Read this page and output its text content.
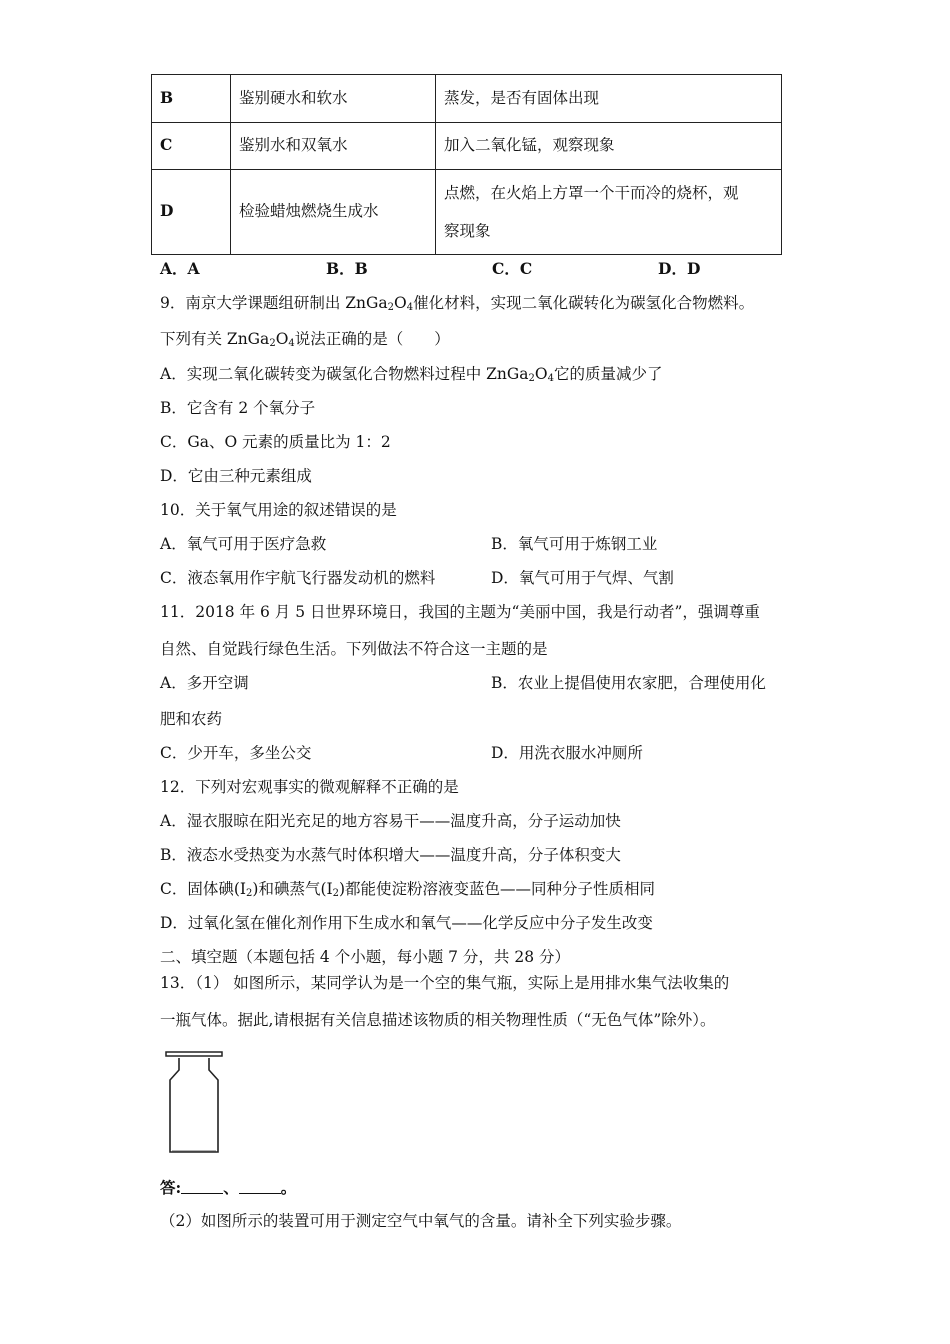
B	鉴别硬水和软水	蒸发，是否有固体出现
C	鉴别水和双氧水	加入二氧化锰，观察现象
D	检验蜡烛燃烧生成水	点燃，在火焰上方罩一个干而冷的烧杯，观
察现象
A．A	B．B	C．C	D．D
9．南京大学课题组研制出 $ZnGa_2O_4$催化材料，实现二氧化碳转化为碳氢化合物燃料。
下列有关 $ZnGa_2O_4$说法正确的是（　　）
A．实现二氧化碳转变为碳氢化合物燃料过程中 $ZnGa_2O_4$它的质量减少了
B．它含有 2 个氧分子
C．Ga、O 元素的质量比为 1：2
D．它由三种元素组成
10．关于氧气用途的叙述错误的是
A．氧气可用于医疗急救	B．氧气可用于炼钢工业
C．液态氧用作宇航飞行器发动机的燃料	D．氧气可用于气焊、气割
11．2018 年 6 月 5 日世界环境日，我国的主题为“美丽中国，我是行动者”，强调尊重
自然、自觉践行绿色生活。下列做法不符合这一主题的是
A．多开空调	B．农业上提倡使用农家肥，合理使用化
肥和农药
C．少开车，多坐公交	D．用洗衣服水冲厕所
12．下列对宏观事实的微观解释不正确的是
A．湿衣服晾在阳光充足的地方容易干——温度升高，分子运动加快
B．液态水受热变为水蒸气时体积增大——温度升高，分子体积变大
C．固体碘$(I_2)$和碘蒸气$(I_2)$都能使淀粉溶液变蓝色——同种分子性质相同
D．过氧化氢在催化剂作用下生成水和氧气——化学反应中分子发生改变
二、填空题（本题包括 4 个小题，每小题 7 分，共 28 分）
13．（1） 如图所示，某同学认为是一个空的集气瓶，实际上是用排水集气法收集的
一瓶气体。据此,请根据有关信息描述该物质的相关物理性质（“无色气体”除外）。
答:	、	。
（2）如图所示的装置可用于测定空气中氧气的含量。请补全下列实验步骤。
